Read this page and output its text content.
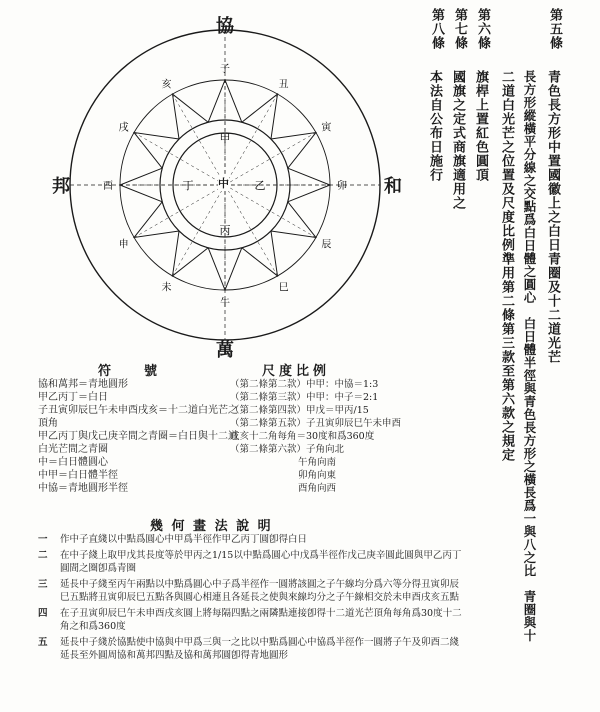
第五條
青色長方形中置國徽上之白日青圈及十二道光芒
長方形縱橫平分線之交點爲白日體之圓心　白日體半徑與青色長方形之橫長爲一與八之比　青圈與十
二道白光芒之位置及尺度比例準用第二條第三款至第六款之規定
第六條
旗桿上置紅色圓頂
第七條
國旗之定式商旗適用之
第八條
本法自公布日施行
協
萬
邦	和
子
丑
寅
卯
辰
巳
午
未
申
酉
戌
亥
甲
乙
丙
丁 中
符　號
協和萬邦＝青地圓形
甲乙丙丁＝白日
子丑寅卯辰巳午未申酉戌亥＝十二道白光芒之頂角
甲乙丙丁與戊己庚辛間之青圈＝白日與十二道白光芒間之青圈
中＝白日體圓心
中甲＝白日體半徑
中協＝青地圓形半徑
尺度比例
（第二條第二款）中甲：中協＝1:3
（第二條第三款）中甲：中子＝2:1
（第二條第四款）甲戊＝甲丙/15
（第二條第五款）子丑寅卯辰巳午未申酉
戌亥十二角每角＝30度和爲360度
（第二條第六款）子角向北
午角向南
卯角向東
酉角向西
幾 何 畫 法 說 明
一	作中子直綫以中點爲圓心中甲爲半徑作甲乙丙丁圓卽得白日
二	在中子綫上取甲戊其長度等於甲丙之1/15以中點爲圓心中戊爲半徑作戊己庚辛圓此圓與甲乙丙丁圓間之圈卽爲青圈
三	延長中子綫至丙午兩點以中點爲圓心中子爲半徑作一圓將該圓之子午線均分爲六等分得丑寅卯辰巳五點將丑寅卯辰巳五點各與圓心相連且各延長之使與來線均分之子午線相交於未申酉戌亥五點
四	在子丑寅卯辰巳午未申酉戌亥圓上將每隔四點之兩隣點連接卽得十二道光芒頂角每角爲30度十二角之和爲360度
五	延長中子綫於協點使中協與中甲爲三與一之比以中點爲圓心中協爲半徑作一圓將子午及卯酉二綫延長至外圓周協和萬邦四點及協和萬邦圓卽得青地圓形
